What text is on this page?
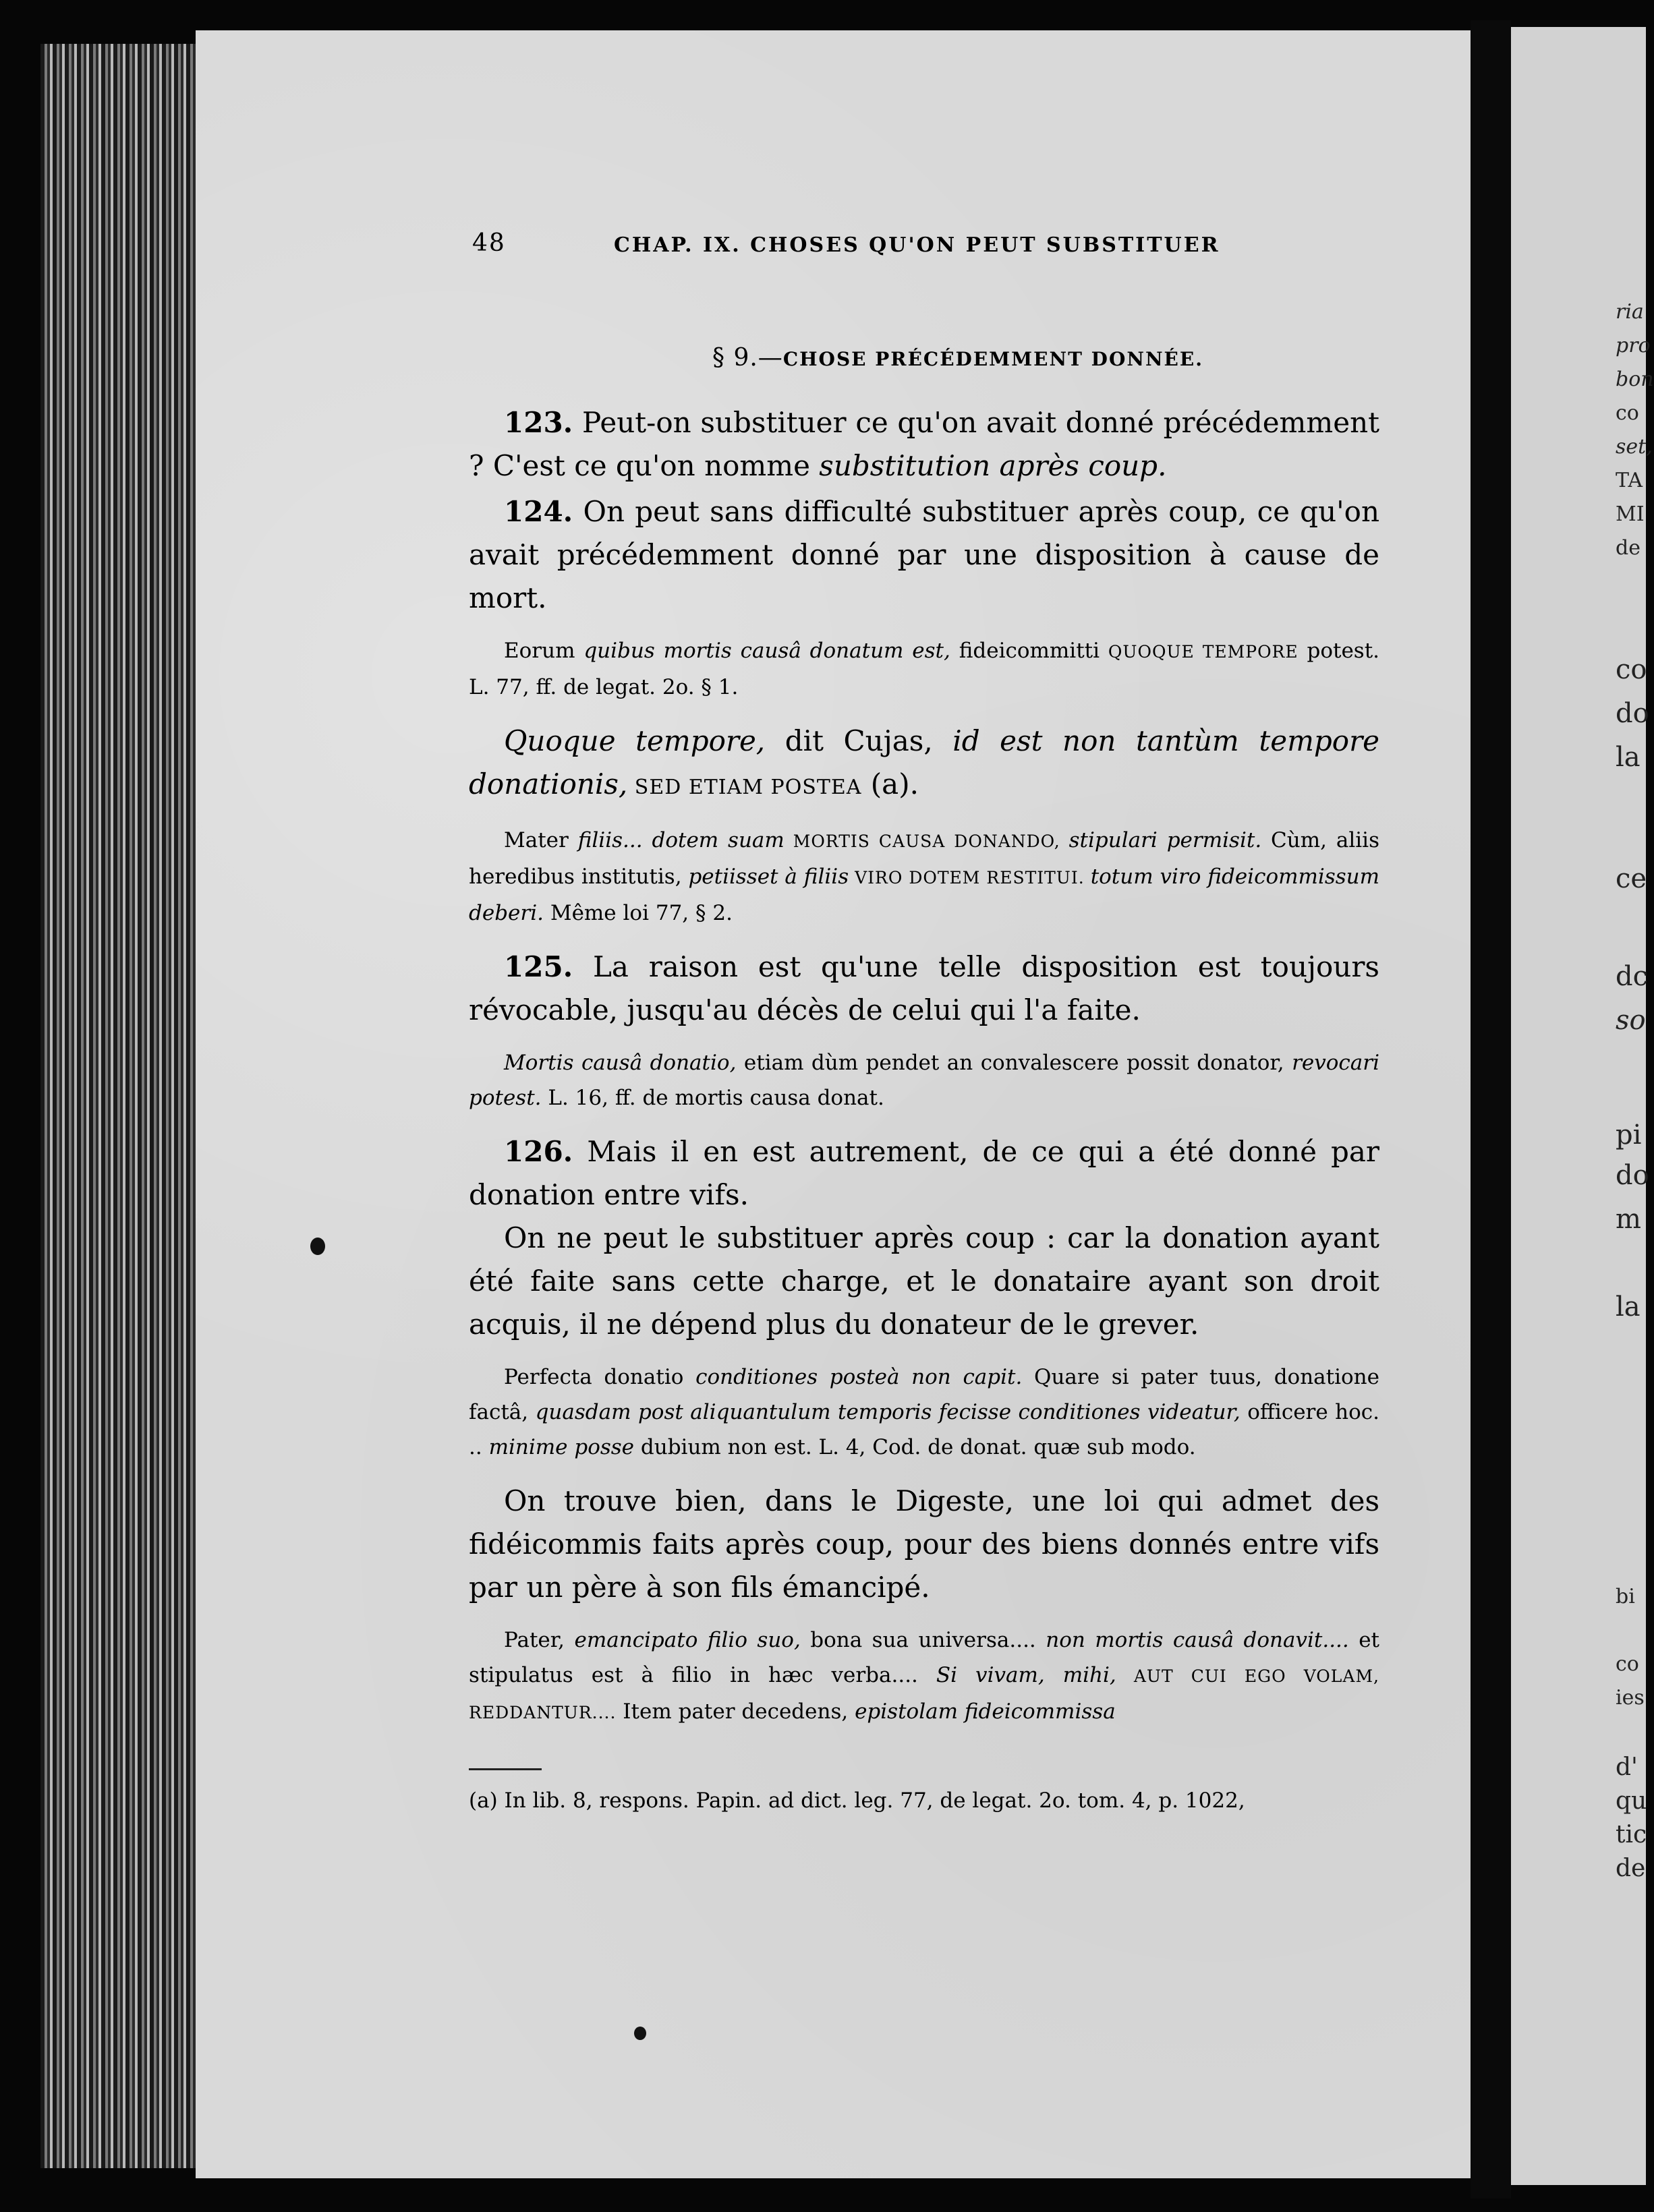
ria
pro
bon
co
set,
TA
MI
de
co
do
la
ce
dc
so
pi
do
m
la
bi
co
ies
d'
qu
tic
de
48	CHAP. IX. CHOSES QU'ON PEUT SUBSTITUER
§ 9.—CHOSE PRÉCÉDEMMENT DONNÉE.

123. Peut-on substituer ce qu'on avait donné précédemment ? C'est ce qu'on nomme substitution après coup.

124. On peut sans difficulté substituer après coup, ce qu'on avait précédemment donné par une disposition à cause de mort.

Eorum quibus mortis causâ donatum est, fideicommitti QUOQUE TEMPORE potest. L. 77, ff. de legat. 2o. § 1.

Quoque tempore, dit Cujas, id est non tantùm tempore donationis, SED ETIAM POSTEA (a).

Mater filiis... dotem suam MORTIS CAUSA DONANDO, stipulari permisit. Cùm, aliis heredibus institutis, petiisset à filiis VIRO DOTEM RESTITUI. totum viro fideicommissum deberi. Même loi 77, § 2.

125. La raison est qu'une telle disposition est toujours révocable, jusqu'au décès de celui qui l'a faite.

Mortis causâ donatio, etiam dùm pendet an convalescere possit donator, revocari potest. L. 16, ff. de mortis causa donat.

126. Mais il en est autrement, de ce qui a été donné par donation entre vifs.

On ne peut le substituer après coup : car la donation ayant été faite sans cette charge, et le donataire ayant son droit acquis, il ne dépend plus du donateur de le grever.

Perfecta donatio conditiones posteà non capit. Quare si pater tuus, donatione factâ, quasdam post aliquantulum temporis fecisse conditiones videatur, officere hoc. .. minime posse dubium non est. L. 4, Cod. de donat. quæ sub modo.

On trouve bien, dans le Digeste, une loi qui admet des fidéicommis faits après coup, pour des biens donnés entre vifs par un père à son fils émancipé.

Pater, emancipato filio suo, bona sua universa.... non mortis causâ donavit.... et stipulatus est à filio in hæc verba.... Si vivam, mihi, AUT CUI EGO VOLAM, REDDANTUR.... Item pater decedens, epistolam fideicommissa
(a) In lib. 8, respons. Papin. ad dict. leg. 77, de legat. 2o. tom. 4, p. 1022,
